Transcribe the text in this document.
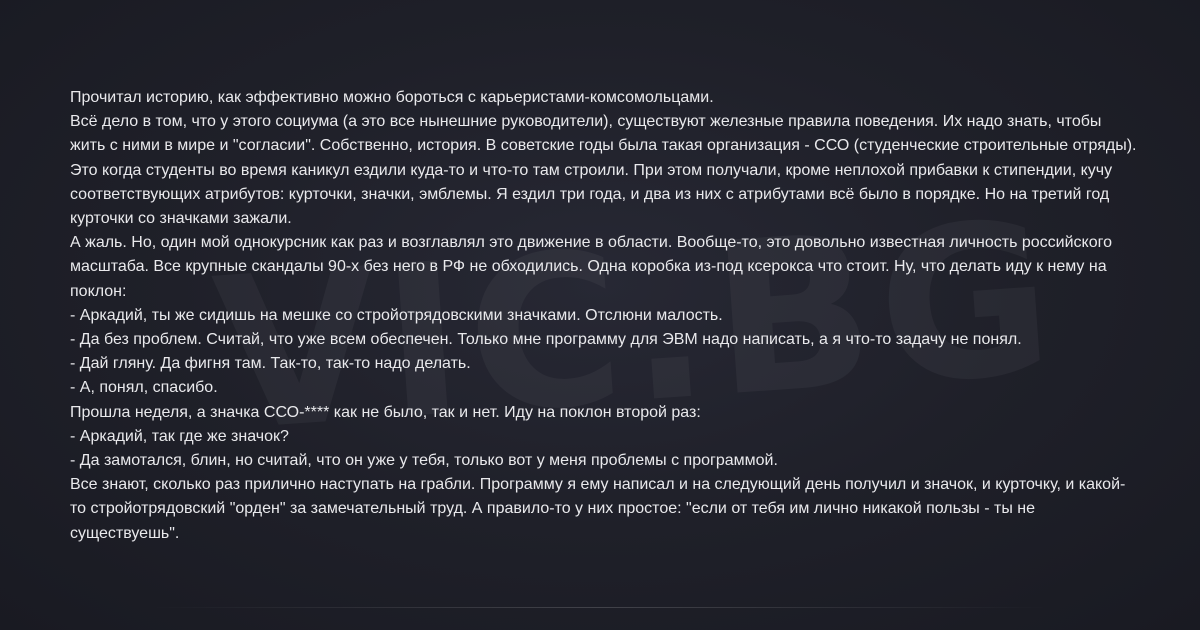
Прочитал историю, как эффективно можно бороться с карьеристами-комсомольцами.

Всё дело в том, что у этого социума (а это все нынешние руководители), существуют железные правила поведения. Их надо знать, чтобы жить с ними в мире и "согласии". Собственно, история. В советские годы была такая организация - ССО (студенческие строительные отряды). Это когда студенты во время каникул ездили куда-то и что-то там строили. При этом получали, кроме неплохой прибавки к стипендии, кучу соответствующих атрибутов: курточки, значки, эмблемы. Я ездил три года, и два из них с атрибутами всё было в порядке. Но на третий год курточки со значками зажали.

А жаль. Но, один мой однокурсник как раз и возглавлял это движение в области. Вообще-то, это довольно известная личность российского масштаба. Все крупные скандалы 90-х без него в РФ не обходились. Одна коробка из-под ксерокса что стоит. Ну, что делать иду к нему на поклон:

- Аркадий, ты же сидишь на мешке со стройотрядовскими значками. Отслюни малость.

- Да без проблем. Считай, что уже всем обеспечен. Только мне программу для ЭВМ надо написать, а я что-то задачу не понял.

- Дай гляну. Да фигня там. Так-то, так-то надо делать.

- А, понял, спасибо.

Прошла неделя, а значка ССО-**** как не было, так и нет. Иду на поклон второй раз:

- Аркадий, так где же значок?

- Да замотался, блин, но считай, что он уже у тебя, только вот у меня проблемы с программой.

Все знают, сколько раз прилично наступать на грабли. Программу я ему написал и на следующий день получил и значок, и курточку, и какой-то стройотрядовский "орден" за замечательный труд. А правило-то у них простое: "если от тебя им лично никакой пользы - ты не существуешь".
